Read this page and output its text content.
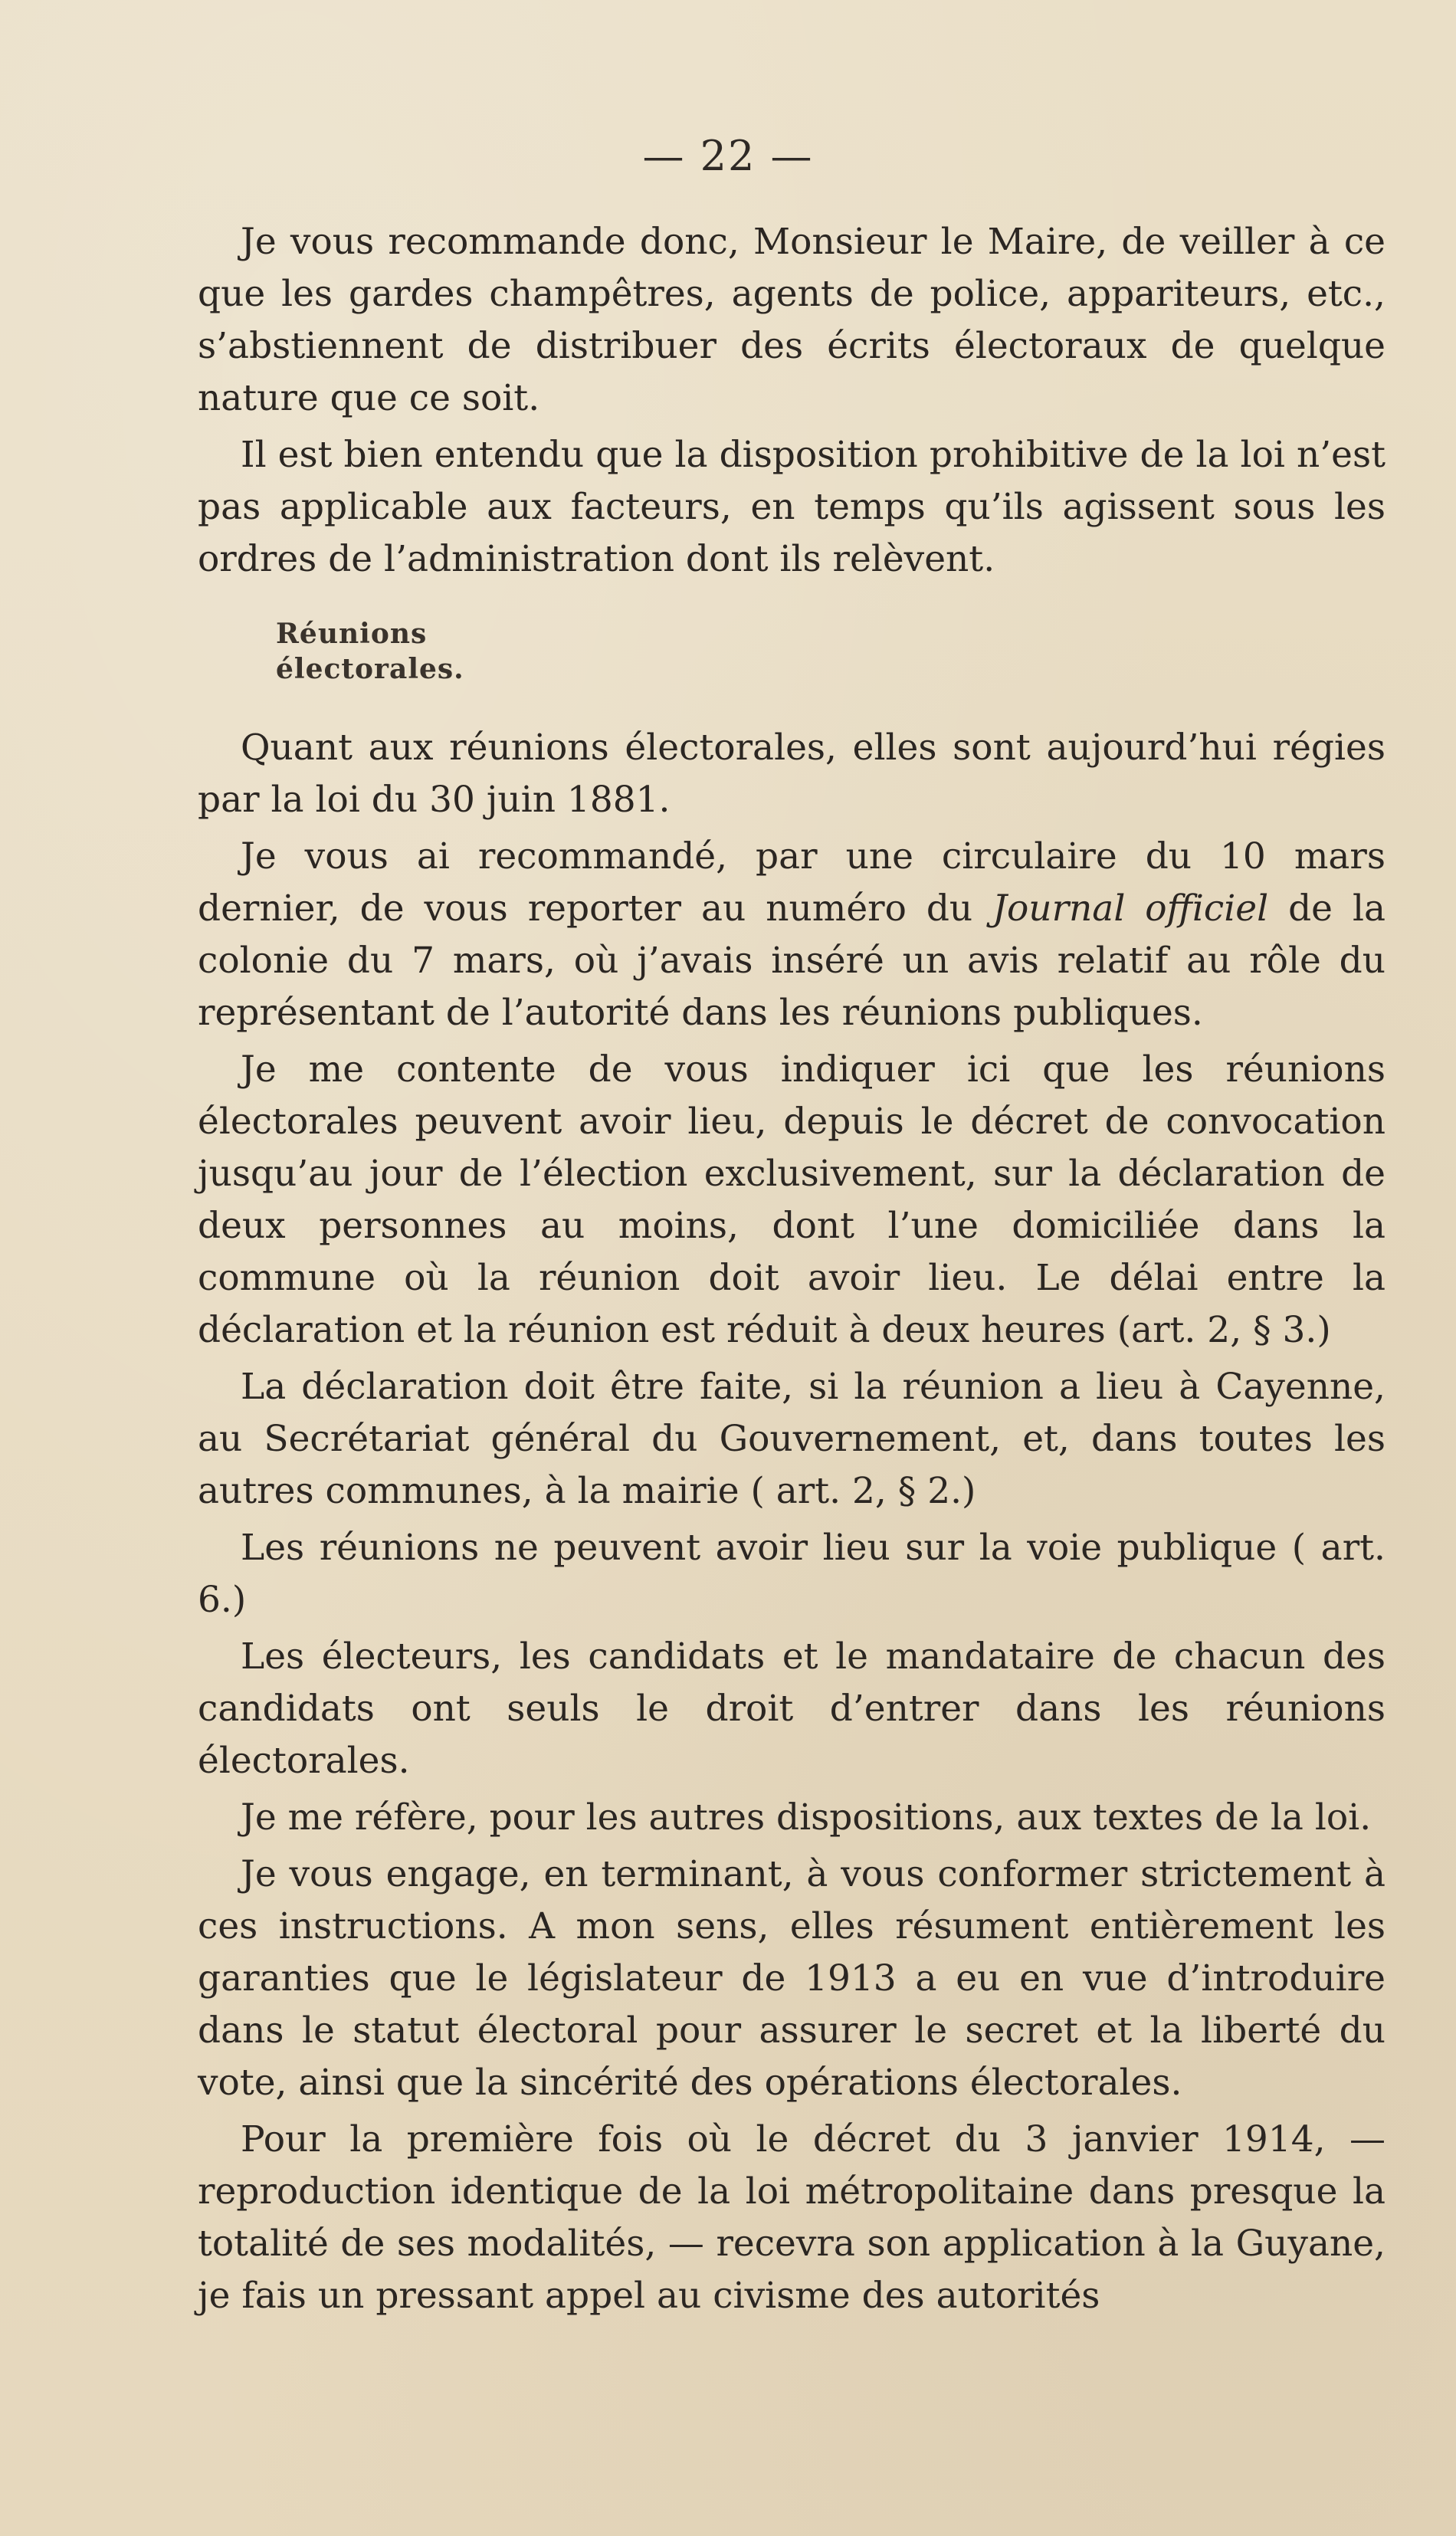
— 22 —

Je vous recommande donc, Monsieur le Maire, de veiller à ce que les gardes champêtres, agents de police, appariteurs, etc., s’abstiennent de distribuer des écrits électoraux de quelque nature que ce soit.

Il est bien entendu que la disposition prohibitive de la loi n’est pas applicable aux facteurs, en temps qu’ils agissent sous les ordres de l’administration dont ils relèvent.

Réunions
électorales.

Quant aux réunions électorales, elles sont aujourd’hui régies par la loi du 30 juin 1881.

Je vous ai recommandé, par une circulaire du 10 mars dernier, de vous reporter au numéro du Journal officiel de la colonie du 7 mars, où j’avais inséré un avis relatif au rôle du représentant de l’autorité dans les réunions publiques.

Je me contente de vous indiquer ici que les réunions électorales peuvent avoir lieu, depuis le décret de convocation jusqu’au jour de l’élection exclusivement, sur la déclaration de deux personnes au moins, dont l’une domiciliée dans la commune où la réunion doit avoir lieu. Le délai entre la déclaration et la réunion est réduit à deux heures (art. 2, § 3.)

La déclaration doit être faite, si la réunion a lieu à Cayenne, au Secrétariat général du Gouvernement, et, dans toutes les autres communes, à la mairie ( art. 2, § 2.)

Les réunions ne peuvent avoir lieu sur la voie publique ( art. 6.)

Les électeurs, les candidats et le mandataire de chacun des candidats ont seuls le droit d’entrer dans les réunions électorales.

Je me réfère, pour les autres dispositions, aux textes de la loi.

Je vous engage, en terminant, à vous conformer strictement à ces instructions. A mon sens, elles résument entièrement les garanties que le législateur de 1913 a eu en vue d’introduire dans le statut électoral pour assurer le secret et la liberté du vote, ainsi que la sincérité des opérations électorales.

Pour la première fois où le décret du 3 janvier 1914, — reproduction identique de la loi métropolitaine dans presque la totalité de ses modalités, — recevra son application à la Guyane, je fais un pressant appel au civisme des autorités
